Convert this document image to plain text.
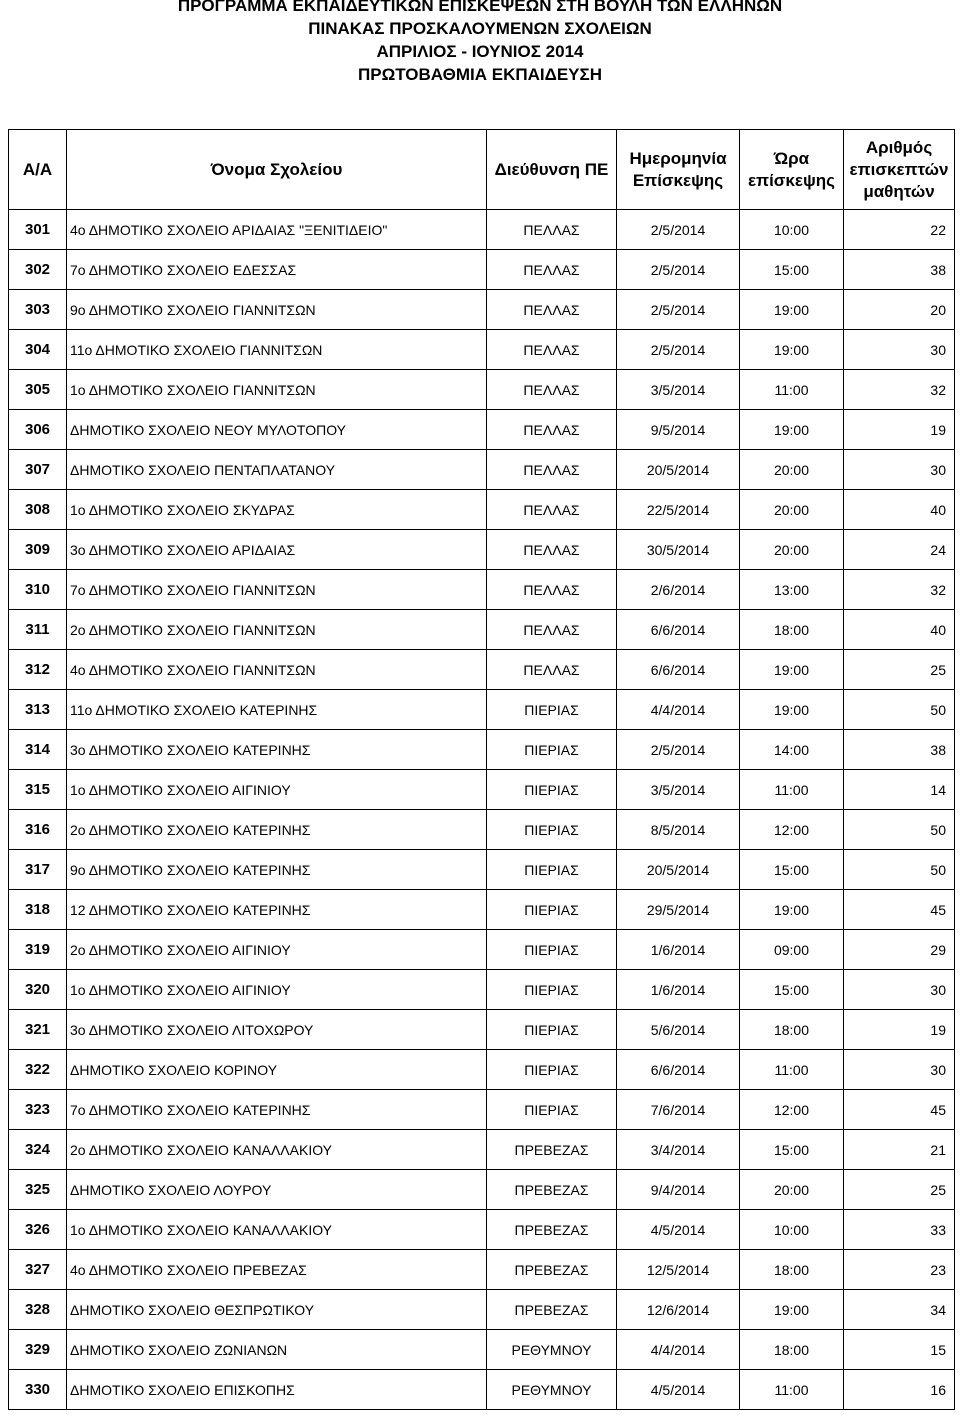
ΠΡΟΓΡΑΜΜΑ ΕΚΠΑΙΔΕΥΤΙΚΩΝ ΕΠΙΣΚΕΨΕΩΝ ΣΤΗ ΒΟΥΛΗ ΤΩΝ ΕΛΛΗΝΩΝ
ΠΙΝΑΚΑΣ ΠΡΟΣΚΑΛΟΥΜΕΝΩΝ ΣΧΟΛΕΙΩΝ
ΑΠΡΙΛΙΟΣ - ΙΟΥΝΙΟΣ 2014
ΠΡΩΤΟΒΑΘΜΙΑ ΕΚΠΑΙΔΕΥΣΗ
Α/Α	Όνομα Σχολείου	Διεύθυνση ΠΕ	Ημερομηνία Επίσκεψης	Ώρα επίσκεψης	Αριθμός επισκεπτών μαθητών
301	4ο ΔΗΜΟΤΙΚΟ ΣΧΟΛΕΙΟ ΑΡΙΔΑΙΑΣ "ΞΕΝΙΤΙΔΕΙΟ"	ΠΕΛΛΑΣ	2/5/2014	10:00	22
302	7ο ΔΗΜΟΤΙΚΟ ΣΧΟΛΕΙΟ ΕΔΕΣΣΑΣ	ΠΕΛΛΑΣ	2/5/2014	15:00	38
303	9ο ΔΗΜΟΤΙΚΟ ΣΧΟΛΕΙΟ ΓΙΑΝΝΙΤΣΩΝ	ΠΕΛΛΑΣ	2/5/2014	19:00	20
304	11ο ΔΗΜΟΤΙΚΟ ΣΧΟΛΕΙΟ ΓΙΑΝΝΙΤΣΩΝ	ΠΕΛΛΑΣ	2/5/2014	19:00	30
305	1ο ΔΗΜΟΤΙΚΟ ΣΧΟΛΕΙΟ ΓΙΑΝΝΙΤΣΩΝ	ΠΕΛΛΑΣ	3/5/2014	11:00	32
306	ΔΗΜΟΤΙΚΟ ΣΧΟΛΕΙΟ ΝΕΟΥ ΜΥΛΟΤΟΠΟΥ	ΠΕΛΛΑΣ	9/5/2014	19:00	19
307	ΔΗΜΟΤΙΚΟ ΣΧΟΛΕΙΟ ΠΕΝΤΑΠΛΑΤΑΝΟΥ	ΠΕΛΛΑΣ	20/5/2014	20:00	30
308	1ο ΔΗΜΟΤΙΚΟ ΣΧΟΛΕΙΟ ΣΚΥΔΡΑΣ	ΠΕΛΛΑΣ	22/5/2014	20:00	40
309	3ο ΔΗΜΟΤΙΚΟ ΣΧΟΛΕΙΟ ΑΡΙΔΑΙΑΣ	ΠΕΛΛΑΣ	30/5/2014	20:00	24
310	7ο ΔΗΜΟΤΙΚΟ ΣΧΟΛΕΙΟ ΓΙΑΝΝΙΤΣΩΝ	ΠΕΛΛΑΣ	2/6/2014	13:00	32
311	2ο ΔΗΜΟΤΙΚΟ ΣΧΟΛΕΙΟ ΓΙΑΝΝΙΤΣΩΝ	ΠΕΛΛΑΣ	6/6/2014	18:00	40
312	4ο ΔΗΜΟΤΙΚΟ ΣΧΟΛΕΙΟ ΓΙΑΝΝΙΤΣΩΝ	ΠΕΛΛΑΣ	6/6/2014	19:00	25
313	11ο ΔΗΜΟΤΙΚΟ ΣΧΟΛΕΙΟ ΚΑΤΕΡΙΝΗΣ	ΠΙΕΡΙΑΣ	4/4/2014	19:00	50
314	3ο ΔΗΜΟΤΙΚΟ ΣΧΟΛΕΙΟ ΚΑΤΕΡΙΝΗΣ	ΠΙΕΡΙΑΣ	2/5/2014	14:00	38
315	1ο ΔΗΜΟΤΙΚΟ ΣΧΟΛΕΙΟ ΑΙΓΙΝΙΟΥ	ΠΙΕΡΙΑΣ	3/5/2014	11:00	14
316	2ο ΔΗΜΟΤΙΚΟ ΣΧΟΛΕΙΟ ΚΑΤΕΡΙΝΗΣ	ΠΙΕΡΙΑΣ	8/5/2014	12:00	50
317	9ο ΔΗΜΟΤΙΚΟ ΣΧΟΛΕΙΟ ΚΑΤΕΡΙΝΗΣ	ΠΙΕΡΙΑΣ	20/5/2014	15:00	50
318	12 ΔΗΜΟΤΙΚΟ ΣΧΟΛΕΙΟ ΚΑΤΕΡΙΝΗΣ	ΠΙΕΡΙΑΣ	29/5/2014	19:00	45
319	2ο ΔΗΜΟΤΙΚΟ ΣΧΟΛΕΙΟ ΑΙΓΙΝΙΟΥ	ΠΙΕΡΙΑΣ	1/6/2014	09:00	29
320	1ο ΔΗΜΟΤΙΚΟ ΣΧΟΛΕΙΟ ΑΙΓΙΝΙΟΥ	ΠΙΕΡΙΑΣ	1/6/2014	15:00	30
321	3ο ΔΗΜΟΤΙΚΟ ΣΧΟΛΕΙΟ ΛΙΤΟΧΩΡΟΥ	ΠΙΕΡΙΑΣ	5/6/2014	18:00	19
322	ΔΗΜΟΤΙΚΟ ΣΧΟΛΕΙΟ ΚΟΡΙΝΟΥ	ΠΙΕΡΙΑΣ	6/6/2014	11:00	30
323	7ο ΔΗΜΟΤΙΚΟ ΣΧΟΛΕΙΟ ΚΑΤΕΡΙΝΗΣ	ΠΙΕΡΙΑΣ	7/6/2014	12:00	45
324	2ο ΔΗΜΟΤΙΚΟ ΣΧΟΛΕΙΟ ΚΑΝΑΛΛΑΚΙΟΥ	ΠΡΕΒΕΖΑΣ	3/4/2014	15:00	21
325	ΔΗΜΟΤΙΚΟ ΣΧΟΛΕΙΟ ΛΟΥΡΟΥ	ΠΡΕΒΕΖΑΣ	9/4/2014	20:00	25
326	1ο ΔΗΜΟΤΙΚΟ ΣΧΟΛΕΙΟ ΚΑΝΑΛΛΑΚΙΟΥ	ΠΡΕΒΕΖΑΣ	4/5/2014	10:00	33
327	4ο ΔΗΜΟΤΙΚΟ ΣΧΟΛΕΙΟ ΠΡΕΒΕΖΑΣ	ΠΡΕΒΕΖΑΣ	12/5/2014	18:00	23
328	ΔΗΜΟΤΙΚΟ ΣΧΟΛΕΙΟ ΘΕΣΠΡΩΤΙΚΟΥ	ΠΡΕΒΕΖΑΣ	12/6/2014	19:00	34
329	ΔΗΜΟΤΙΚΟ ΣΧΟΛΕΙΟ ΖΩΝΙΑΝΩΝ	ΡΕΘΥΜΝΟΥ	4/4/2014	18:00	15
330	ΔΗΜΟΤΙΚΟ ΣΧΟΛΕΙΟ ΕΠΙΣΚΟΠΗΣ	ΡΕΘΥΜΝΟΥ	4/5/2014	11:00	16
